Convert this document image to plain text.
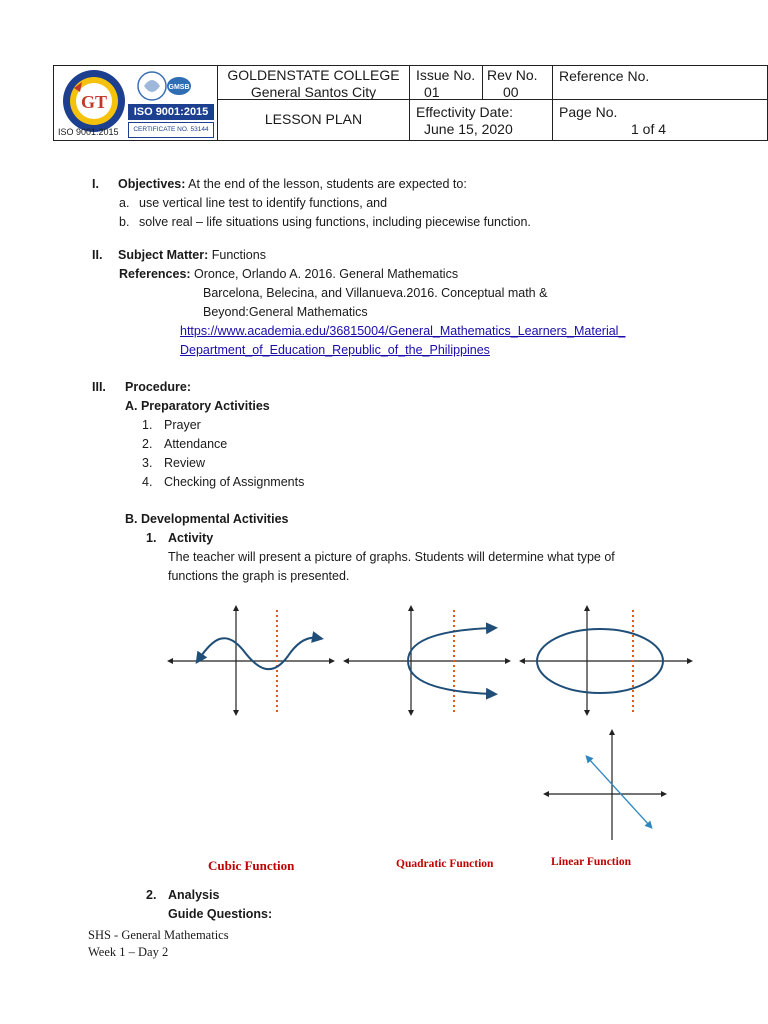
GT
ISO 9001:2015
GMSB
ISO 9001:2015
CERTIFICATE NO. 53144
GOLDENSTATE COLLEGE
General Santos City
LESSON PLAN
Issue No.
01
Rev No.
00
Reference No.
Effectivity Date:
June 15, 2020
Page No.
1 of 4
I. Objectives: At the end of the lesson, students are expected to:
a. use vertical line test to identify functions, and
b. solve real – life situations using functions, including piecewise function.
II. Subject Matter: Functions
References: Oronce, Orlando A. 2016. General Mathematics
Barcelona, Belecina, and Villanueva.2016. Conceptual math &
Beyond:General Mathematics
https://www.academia.edu/36815004/General_Mathematics_Learners_Material_
Department_of_Education_Republic_of_the_Philippines
III. Procedure:
A. Preparatory Activities
1. Prayer
2. Attendance
3. Review
4. Checking of Assignments
B. Developmental Activities
1. Activity
The teacher will present a picture of graphs. Students will determine what type of
functions the graph is presented.
Cubic Function	Quadratic Function	Linear Function
2. Analysis
Guide Questions:
SHS - General Mathematics
Week 1 – Day 2
